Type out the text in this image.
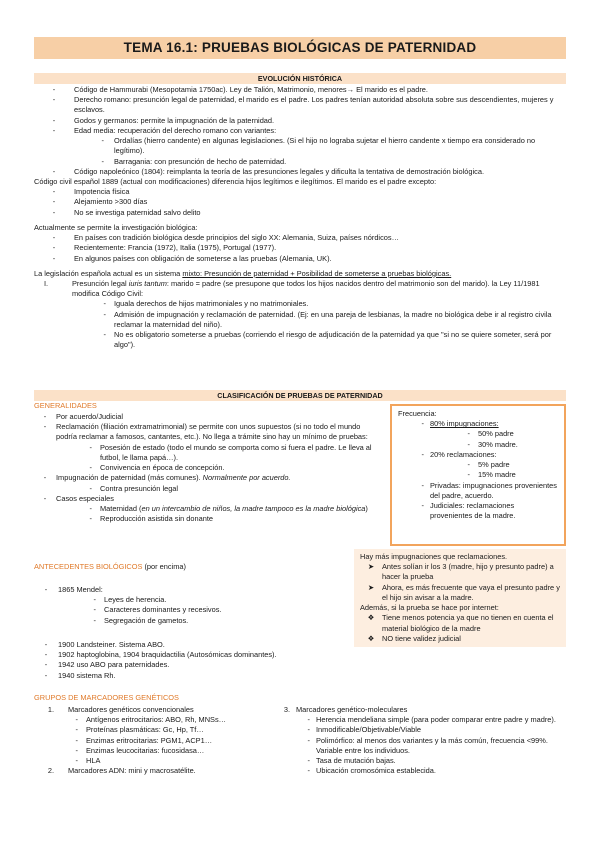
TEMA 16.1: PRUEBAS BIOLÓGICAS DE PATERNIDAD
EVOLUCIÓN HISTÓRICA
-	Código de Hammurabi (Mesopotamia 1750ac). Ley de Talión, Matrimonio, menores→ El marido es el padre.
-	Derecho romano: presunción legal de paternidad, el marido es el padre. Los padres tenían autoridad absoluta sobre sus descendientes, mujeres y esclavos.
-	Godos y germanos: permite la impugnación de la paternidad.
-	Edad media: recuperación del derecho romano con variantes:
-	Ordalías (hierro candente) en algunas legislaciones. (Si el hijo no lograba sujetar el hierro candente x tiempo era considerado no legítimo).
-	Barragania: con presunción de hecho de paternidad.
-	Código napoleónico (1804): reimplanta la teoría de las presunciones legales y dificulta la tentativa de demostración biológica.
Código civil español 1889 (actual con modificaciones) diferencia hijos legítimos e ilegítimos. El marido es el padre excepto:
-	Impotencia física
-	Alejamiento >300 días
-	No se investiga paternidad salvo delito
Actualmente se permite la investigación biológica:
-	En países con tradición biológica desde principios del siglo XX: Alemania, Suiza, países nórdicos…
-	Recientemente: Francia (1972), Italia (1975), Portugal (1977).
-	En algunos países con obligación de someterse a las pruebas (Alemania, UK).
La legislación española actual es un sistema mixto: Presunción de paternidad + Posibilidad de someterse a pruebas biológicas.
I.	Presunción legal iuris tantum: marido = padre (se presupone que todos los hijos nacidos dentro del matrimonio son del marido). la Ley 11/1981 modifica Código Civil:
-	Iguala derechos de hijos matrimoniales y no matrimoniales.
-	Admisión de impugnación y reclamación de paternidad. (Ej: en una pareja de lesbianas, la madre no biológica debe ir al registro civila reclamar la maternidad del niño).
-	No es obligatorio someterse a pruebas (corriendo el riesgo de adjudicación de la paternidad ya que "si no se quiere someter, será por algo").
CLASIFICACIÓN DE PRUEBAS DE PATERNIDAD
GENERALIDADES
-	Por acuerdo/Judicial
-	Reclamación (filiación extramatrimonial) se permite con unos supuestos (si no todo el mundo podría reclamar a famosos, cantantes, etc.). No llega a trámite sino hay un mínimo de pruebas:
-	Posesión de estado (todo el mundo se comporta como si fuera el padre. Le lleva al futbol, le llama papá…).
-	Convivencia en época de concepción.
-	Impugnación de paternidad (más comunes). Normalmente por acuerdo.
-	Contra presunción legal
-	Casos especiales
-	Maternidad (en un intercambio de niños, la madre tampoco es la madre biológica)
-	Reproducción asistida sin donante
Frecuencia:
- 80% impugnaciones:
-	50% padre
-	30% madre.
- 20% reclamaciones:
-	5% padre
-	15% madre
- Privadas: impugnaciones provenientes del padre, acuerdo.
- Judiciales: reclamaciones provenientes de la madre.
Hay más impugnaciones que reclamaciones.
➤	Antes solían ir los 3 (madre, hijo y presunto padre) a hacer la prueba
➤	Ahora, es más frecuente que vaya el presunto padre y el hijo sin avisar a la madre.
Además, si la prueba se hace por internet:
❖	Tiene menos potencia ya que no tienen en cuenta el material biológico de la madre
❖	NO tiene validez judicial
ANTECEDENTES BIOLÓGICOS (por encima)
-	1865 Mendel:
-	Leyes de herencia.
-	Caracteres dominantes y recesivos.
-	Segregación de gametos.
-	1900 Landsteiner. Sistema ABO.
-	1902 haptoglobina, 1904 braquidactilia (Autosómicas dominantes).
-	1942 uso ABO para paternidades.
-	1940 sistema Rh.
GRUPOS DE MARCADORES GENÉTICOS
1.	Marcadores genéticos convencionales
-	Antígenos eritrocitarios: ABO, Rh, MNSs…
-	Proteínas plasmáticas: Gc, Hp, Tf…
-	Enzimas eritrocitarias: PGM1, ACP1…
-	Enzimas leucocitarias: fucosidasa…
-	HLA
2.	Marcadores ADN: mini y macrosatélite.
3. Marcadores genético-moleculares
- Herencia mendeliana simple (para poder comparar entre padre y madre).
- Inmodificable/Objetivable/Viable
- Polimórfico: al menos dos variantes y la más común, frecuencia <99%. Variable entre los individuos.
- Tasa de mutación bajas.
- Ubicación cromosómica establecida.
